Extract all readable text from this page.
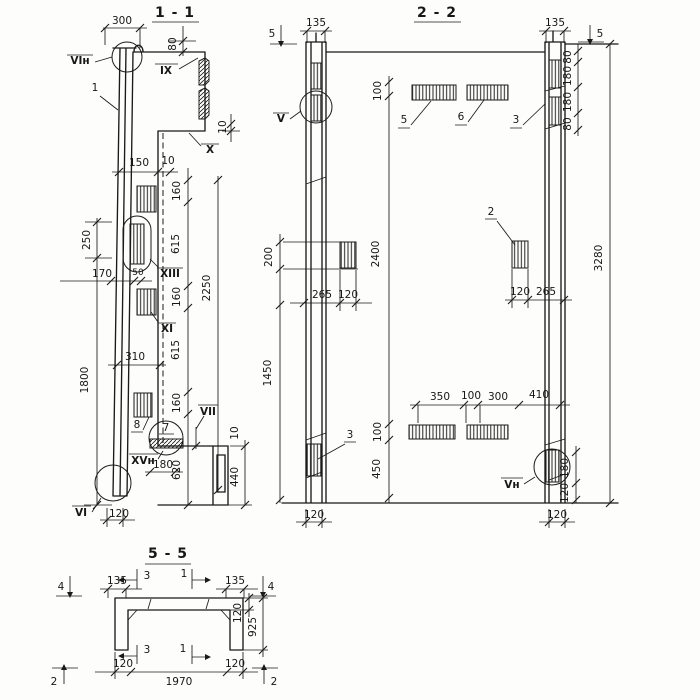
1 - 1
300
80
VIн
1
IX
10
X
150 10
250
170 50
160
615
XIII
160
XI
615
310
1800
160
2250
8 7
VII
10
XVн
180
620	440
VI 120
2 - 2
5
135	135
5
100
5	6	3
V
80
180
180
80
200	2400
265 120
2
120 265
3280
1450
350 100 300 410
100
450
3
Vн
180
120
120	120
5 - 5
4	135 3	1
135 4
120
925
3	1
120	120
1970
2	2
